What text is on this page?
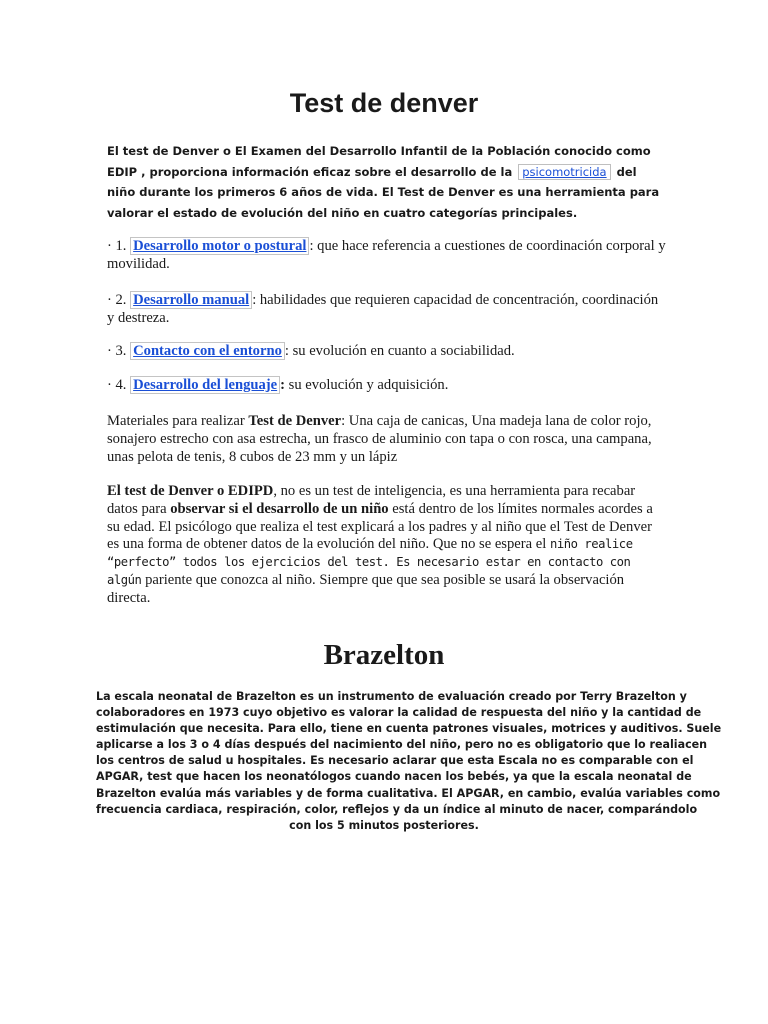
Test de denver

El test de Denver o El Examen del Desarrollo Infantil de la Población conocido como EDIP , proporciona información eficaz sobre el desarrollo de la psicomotricida del niño durante los primeros 6 años de vida. El Test de Denver es una herramienta para valorar el estado de evolución del niño en cuatro categorías principales.

· 1. Desarrollo motor o postural : que hace referencia a cuestiones de coordinación corporal y movilidad.

· 2. Desarrollo manual : habilidades que requieren capacidad de concentración, coordinación y destreza.

· 3. Contacto con el entorno : su evolución en cuanto a sociabilidad.

· 4. Desarrollo del lenguaje : su evolución y adquisición.

Materiales para realizar Test de Denver: Una caja de canicas, Una madeja lana de color rojo, sonajero estrecho con asa estrecha, un frasco de aluminio con tapa o con rosca, una campana, unas pelota de tenis, 8 cubos de 23 mm y un lápiz

El test de Denver o EDIPD, no es un test de inteligencia, es una herramienta para recabar datos para observar si el desarrollo de un niño está dentro de los límites normales acordes a su edad. El psicólogo que realiza el test explicará a los padres y al niño que el Test de Denver es una forma de obtener datos de la evolución del niño. Que no se espera el niño realice “perfecto” todos los ejercicios del test. Es necesario estar en contacto con algún pariente que conozca al niño. Siempre que que sea posible se usará la observación directa.

Brazelton

La escala neonatal de Brazelton es un instrumento de evaluación creado por Terry Brazelton y
colaboradores en 1973 cuyo objetivo es valorar la calidad de respuesta del niño y la cantidad de
estimulación que necesita. Para ello, tiene en cuenta patrones visuales, motrices y auditivos. Suele
aplicarse a los 3 o 4 días después del nacimiento del niño, pero no es obligatorio que lo realiacen
los centros de salud u hospitales. Es necesario aclarar que esta Escala no es comparable con el
APGAR, test que hacen los neonatólogos cuando nacen los bebés, ya que la escala neonatal de
Brazelton evalúa más variables y de forma cualitativa. El APGAR, en cambio, evalúa variables como
frecuencia cardiaca, respiración, color, reflejos y da un índice al minuto de nacer, comparándolo
con los 5 minutos posteriores.
